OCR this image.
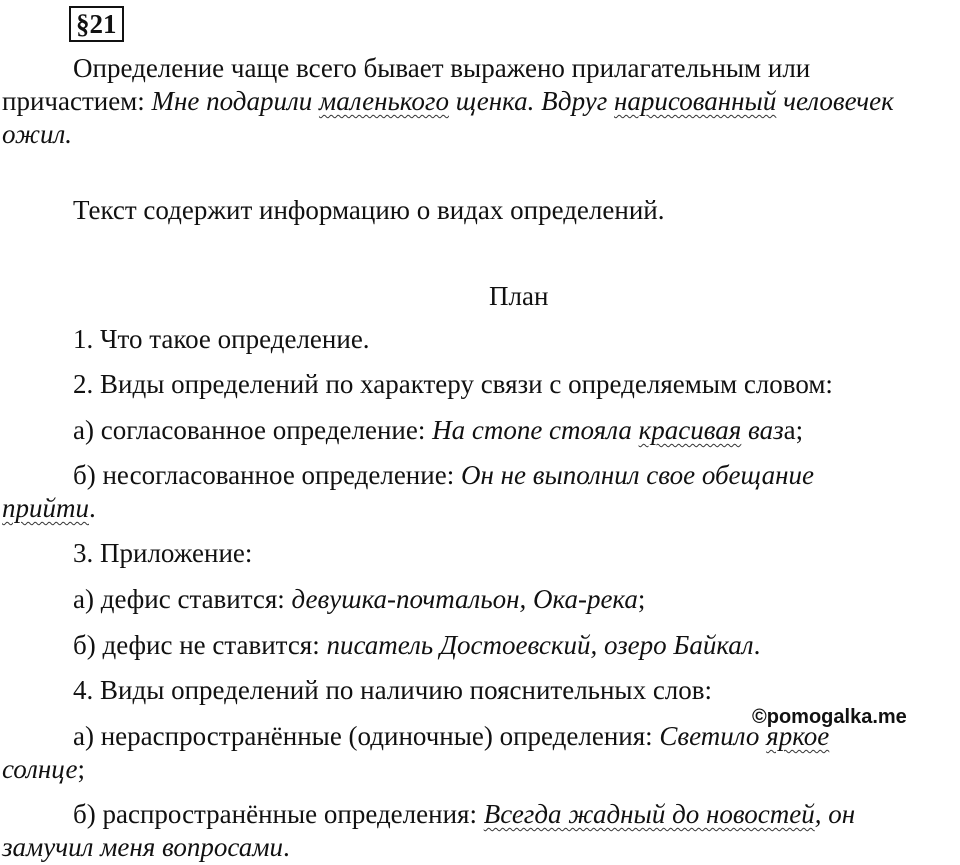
§21
Определение чаще всего бывает выражено прилагательным или
причастием: Мне подарили маленького щенка. Вдруг нарисованный человечек
ожил.
Текст содержит информацию о видах определений.
План
1. Что такое определение.
2. Виды определений по характеру связи с определяемым словом:
а) согласованное определение: На стопе стояла красивая ваза;
б) несогласованное определение: Он не выполнил свое обещание
прийти.
3. Приложение:
а) дефис ставится: девушка-почтальон, Ока-река;
б) дефис не ставится: писатель Достоевский, озеро Байкал.
4. Виды определений по наличию пояснительных слов:
а) нераспространённые (одиночные) определения: Светило яркое
солнце;
б) распространённые определения: Всегда жадный до новостей, он
замучил меня вопросами.
©pomogalka.me
